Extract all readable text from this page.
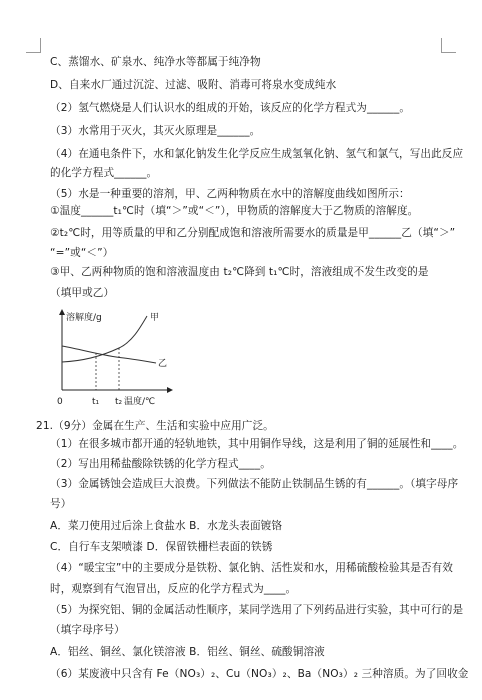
C、蒸馏水、矿泉水、纯净水等都属于纯净物
D、自来水厂通过沉淀、过滤、吸附、消毒可将泉水变成纯水
（2）氢气燃烧是人们认识水的组成的开始，该反应的化学方程式为______。
（3）水常用于灭火，其灭火原理是______。
（4）在通电条件下，水和氯化钠发生化学反应生成氢氧化钠、氢气和氯气，写出此反应
的化学方程式______。
（5）水是一种重要的溶剂，甲、乙两种物质在水中的溶解度曲线如图所示：
①温度______t₁℃时（填“＞”或“＜”），甲物质的溶解度大于乙物质的溶解度。
②t₂℃时，用等质量的甲和乙分别配成饱和溶液所需要水的质量是甲______乙（填“＞”
“=”或“＜”）
③甲、乙两种物质的饱和溶液温度由 t₂℃降到 t₁℃时，溶液组成不发生改变的是
（填甲或乙）
溶解度/g
0	t₁ t₂ 温度/℃
甲
乙
21.（9分）金属在生产、生活和实验中应用广泛。
（1）在很多城市都开通的轻轨地铁，其中用铜作导线，这是利用了铜的延展性和____。
（2）写出用稀盐酸除铁锈的化学方程式____。
（3）金属锈蚀会造成巨大浪费。下列做法不能防止铁制品生锈的有______。（填字母序
号）
A．菜刀使用过后涂上食盐水 B．水龙头表面镀铬
C．自行车支架喷漆 D．保留铁栅栏表面的铁锈
（4）“暖宝宝”中的主要成分是铁粉、氯化钠、活性炭和水，用稀硫酸检验其是否有效
时，观察到有气泡冒出，反应的化学方程式为____。
（5）为探究铝、铜的金属活动性顺序，某同学选用了下列药品进行实验，其中可行的是
（填字母序号）
A．铝丝、铜丝、氯化镁溶液 B．铝丝、铜丝、硫酸铜溶液
（6）某废液中只含有 Fe（NO₃）₂、Cu（NO₃）₂、Ba（NO₃）₂ 三种溶质。为了回收金
